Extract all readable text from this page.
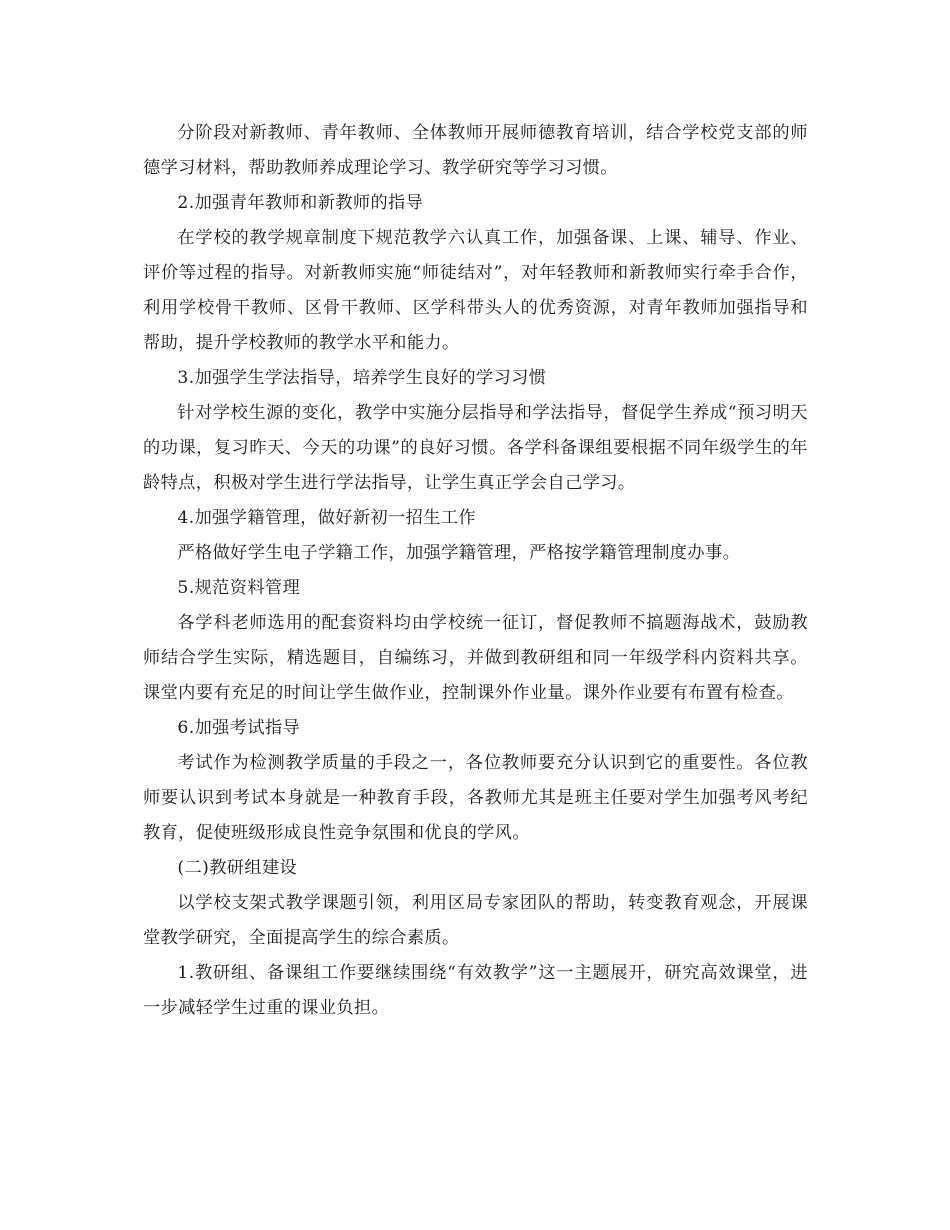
分阶段对新教师、青年教师、全体教师开展师德教育培训，结合学校党支部的师德学习材料，帮助教师养成理论学习、教学研究等学习习惯。

2.加强青年教师和新教师的指导

在学校的教学规章制度下规范教学六认真工作，加强备课、上课、辅导、作业、评价等过程的指导。对新教师实施“师徒结对”，对年轻教师和新教师实行牵手合作，利用学校骨干教师、区骨干教师、区学科带头人的优秀资源，对青年教师加强指导和帮助，提升学校教师的教学水平和能力。

3.加强学生学法指导，培养学生良好的学习习惯

针对学校生源的变化，教学中实施分层指导和学法指导，督促学生养成“预习明天的功课，复习昨天、今天的功课”的良好习惯。各学科备课组要根据不同年级学生的年龄特点，积极对学生进行学法指导，让学生真正学会自己学习。

4.加强学籍管理，做好新初一招生工作

严格做好学生电子学籍工作，加强学籍管理，严格按学籍管理制度办事。

5.规范资料管理

各学科老师选用的配套资料均由学校统一征订，督促教师不搞题海战术，鼓励教师结合学生实际，精选题目，自编练习，并做到教研组和同一年级学科内资料共享。课堂内要有充足的时间让学生做作业，控制课外作业量。课外作业要有布置有检查。

6.加强考试指导

考试作为检测教学质量的手段之一，各位教师要充分认识到它的重要性。各位教师要认识到考试本身就是一种教育手段，各教师尤其是班主任要对学生加强考风考纪教育，促使班级形成良性竞争氛围和优良的学风。

(二)教研组建设

以学校支架式教学课题引领，利用区局专家团队的帮助，转变教育观念，开展课堂教学研究，全面提高学生的综合素质。

1.教研组、备课组工作要继续围绕“有效教学”这一主题展开，研究高效课堂，进一步减轻学生过重的课业负担。
